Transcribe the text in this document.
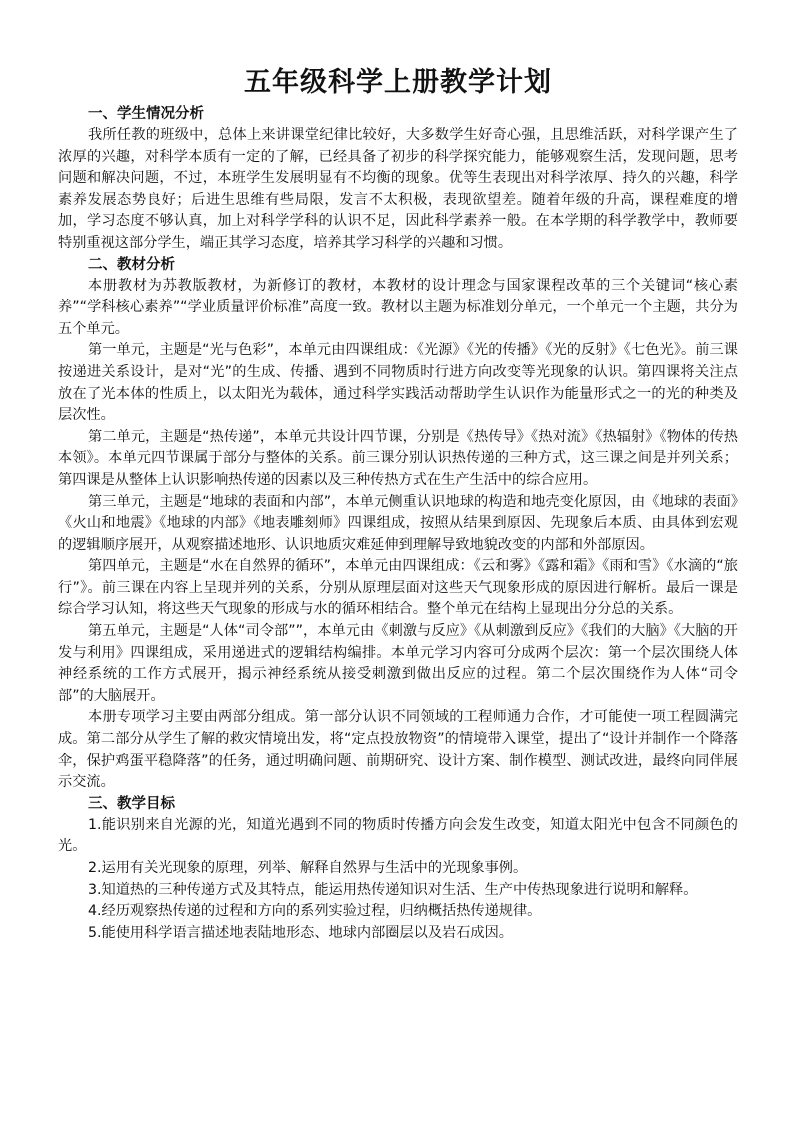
五年级科学上册教学计划

一、学生情况分析

我所任教的班级中，总体上来讲课堂纪律比较好，大多数学生好奇心强，且思维活跃，对科学课产生了浓厚的兴趣，对科学本质有一定的了解，已经具备了初步的科学探究能力，能够观察生活，发现问题，思考问题和解决问题，不过，本班学生发展明显有不均衡的现象。优等生表现出对科学浓厚、持久的兴趣，科学素养发展态势良好；后进生思维有些局限，发言不太积极，表现欲望差。随着年级的升高，课程难度的增加，学习态度不够认真，加上对科学学科的认识不足，因此科学素养一般。在本学期的科学教学中，教师要特别重视这部分学生，端正其学习态度，培养其学习科学的兴趣和习惯。

二、教材分析

本册教材为苏教版教材，为新修订的教材，本教材的设计理念与国家课程改革的三个关键词“核心素养”“学科核心素养”“学业质量评价标准”高度一致。教材以主题为标准划分单元，一个单元一个主题，共分为五个单元。

第一单元，主题是“光与色彩”，本单元由四课组成：《光源》《光的传播》《光的反射》《七色光》。前三课按递进关系设计，是对“光”的生成、传播、遇到不同物质时行进方向改变等光现象的认识。第四课将关注点放在了光本体的性质上，以太阳光为载体，通过科学实践活动帮助学生认识作为能量形式之一的光的种类及层次性。

第二单元，主题是“热传递”，本单元共设计四节课，分别是《热传导》《热对流》《热辐射》《物体的传热本领》。本单元四节课属于部分与整体的关系。前三课分别认识热传递的三种方式，这三课之间是并列关系；第四课是从整体上认识影响热传递的因素以及三种传热方式在生产生活中的综合应用。

第三单元，主题是“地球的表面和内部”，本单元侧重认识地球的构造和地壳变化原因，由《地球的表面》《火山和地震》《地球的内部》《地表雕刻师》四课组成，按照从结果到原因、先现象后本质、由具体到宏观的逻辑顺序展开，从观察描述地形、认识地质灾难延伸到理解导致地貌改变的内部和外部原因。

第四单元，主题是“水在自然界的循环”，本单元由四课组成：《云和雾》《露和霜》《雨和雪》《水滴的“旅行”》。前三课在内容上呈现并列的关系，分别从原理层面对这些天气现象形成的原因进行解析。最后一课是综合学习认知，将这些天气现象的形成与水的循环相结合。整个单元在结构上显现出分分总的关系。

第五单元，主题是“人体“司令部””，本单元由《刺激与反应》《从刺激到反应》《我们的大脑》《大脑的开发与利用》四课组成，采用递进式的逻辑结构编排。本单元学习内容可分成两个层次：第一个层次围绕人体神经系统的工作方式展开，揭示神经系统从接受刺激到做出反应的过程。第二个层次围绕作为人体“司令部”的大脑展开。

本册专项学习主要由两部分组成。第一部分认识不同领域的工程师通力合作，才可能使一项工程圆满完成。第二部分从学生了解的救灾情境出发，将“定点投放物资”的情境带入课堂，提出了“设计并制作一个降落伞，保护鸡蛋平稳降落”的任务，通过明确问题、前期研究、设计方案、制作模型、测试改进，最终向同伴展示交流。

三、教学目标

1.能识别来自光源的光，知道光遇到不同的物质时传播方向会发生改变，知道太阳光中包含不同颜色的光。

2.运用有关光现象的原理，列举、解释自然界与生活中的光现象事例。

3.知道热的三种传递方式及其特点，能运用热传递知识对生活、生产中传热现象进行说明和解释。

4.经历观察热传递的过程和方向的系列实验过程，归纳概括热传递规律。

5.能使用科学语言描述地表陆地形态、地球内部圈层以及岩石成因。
